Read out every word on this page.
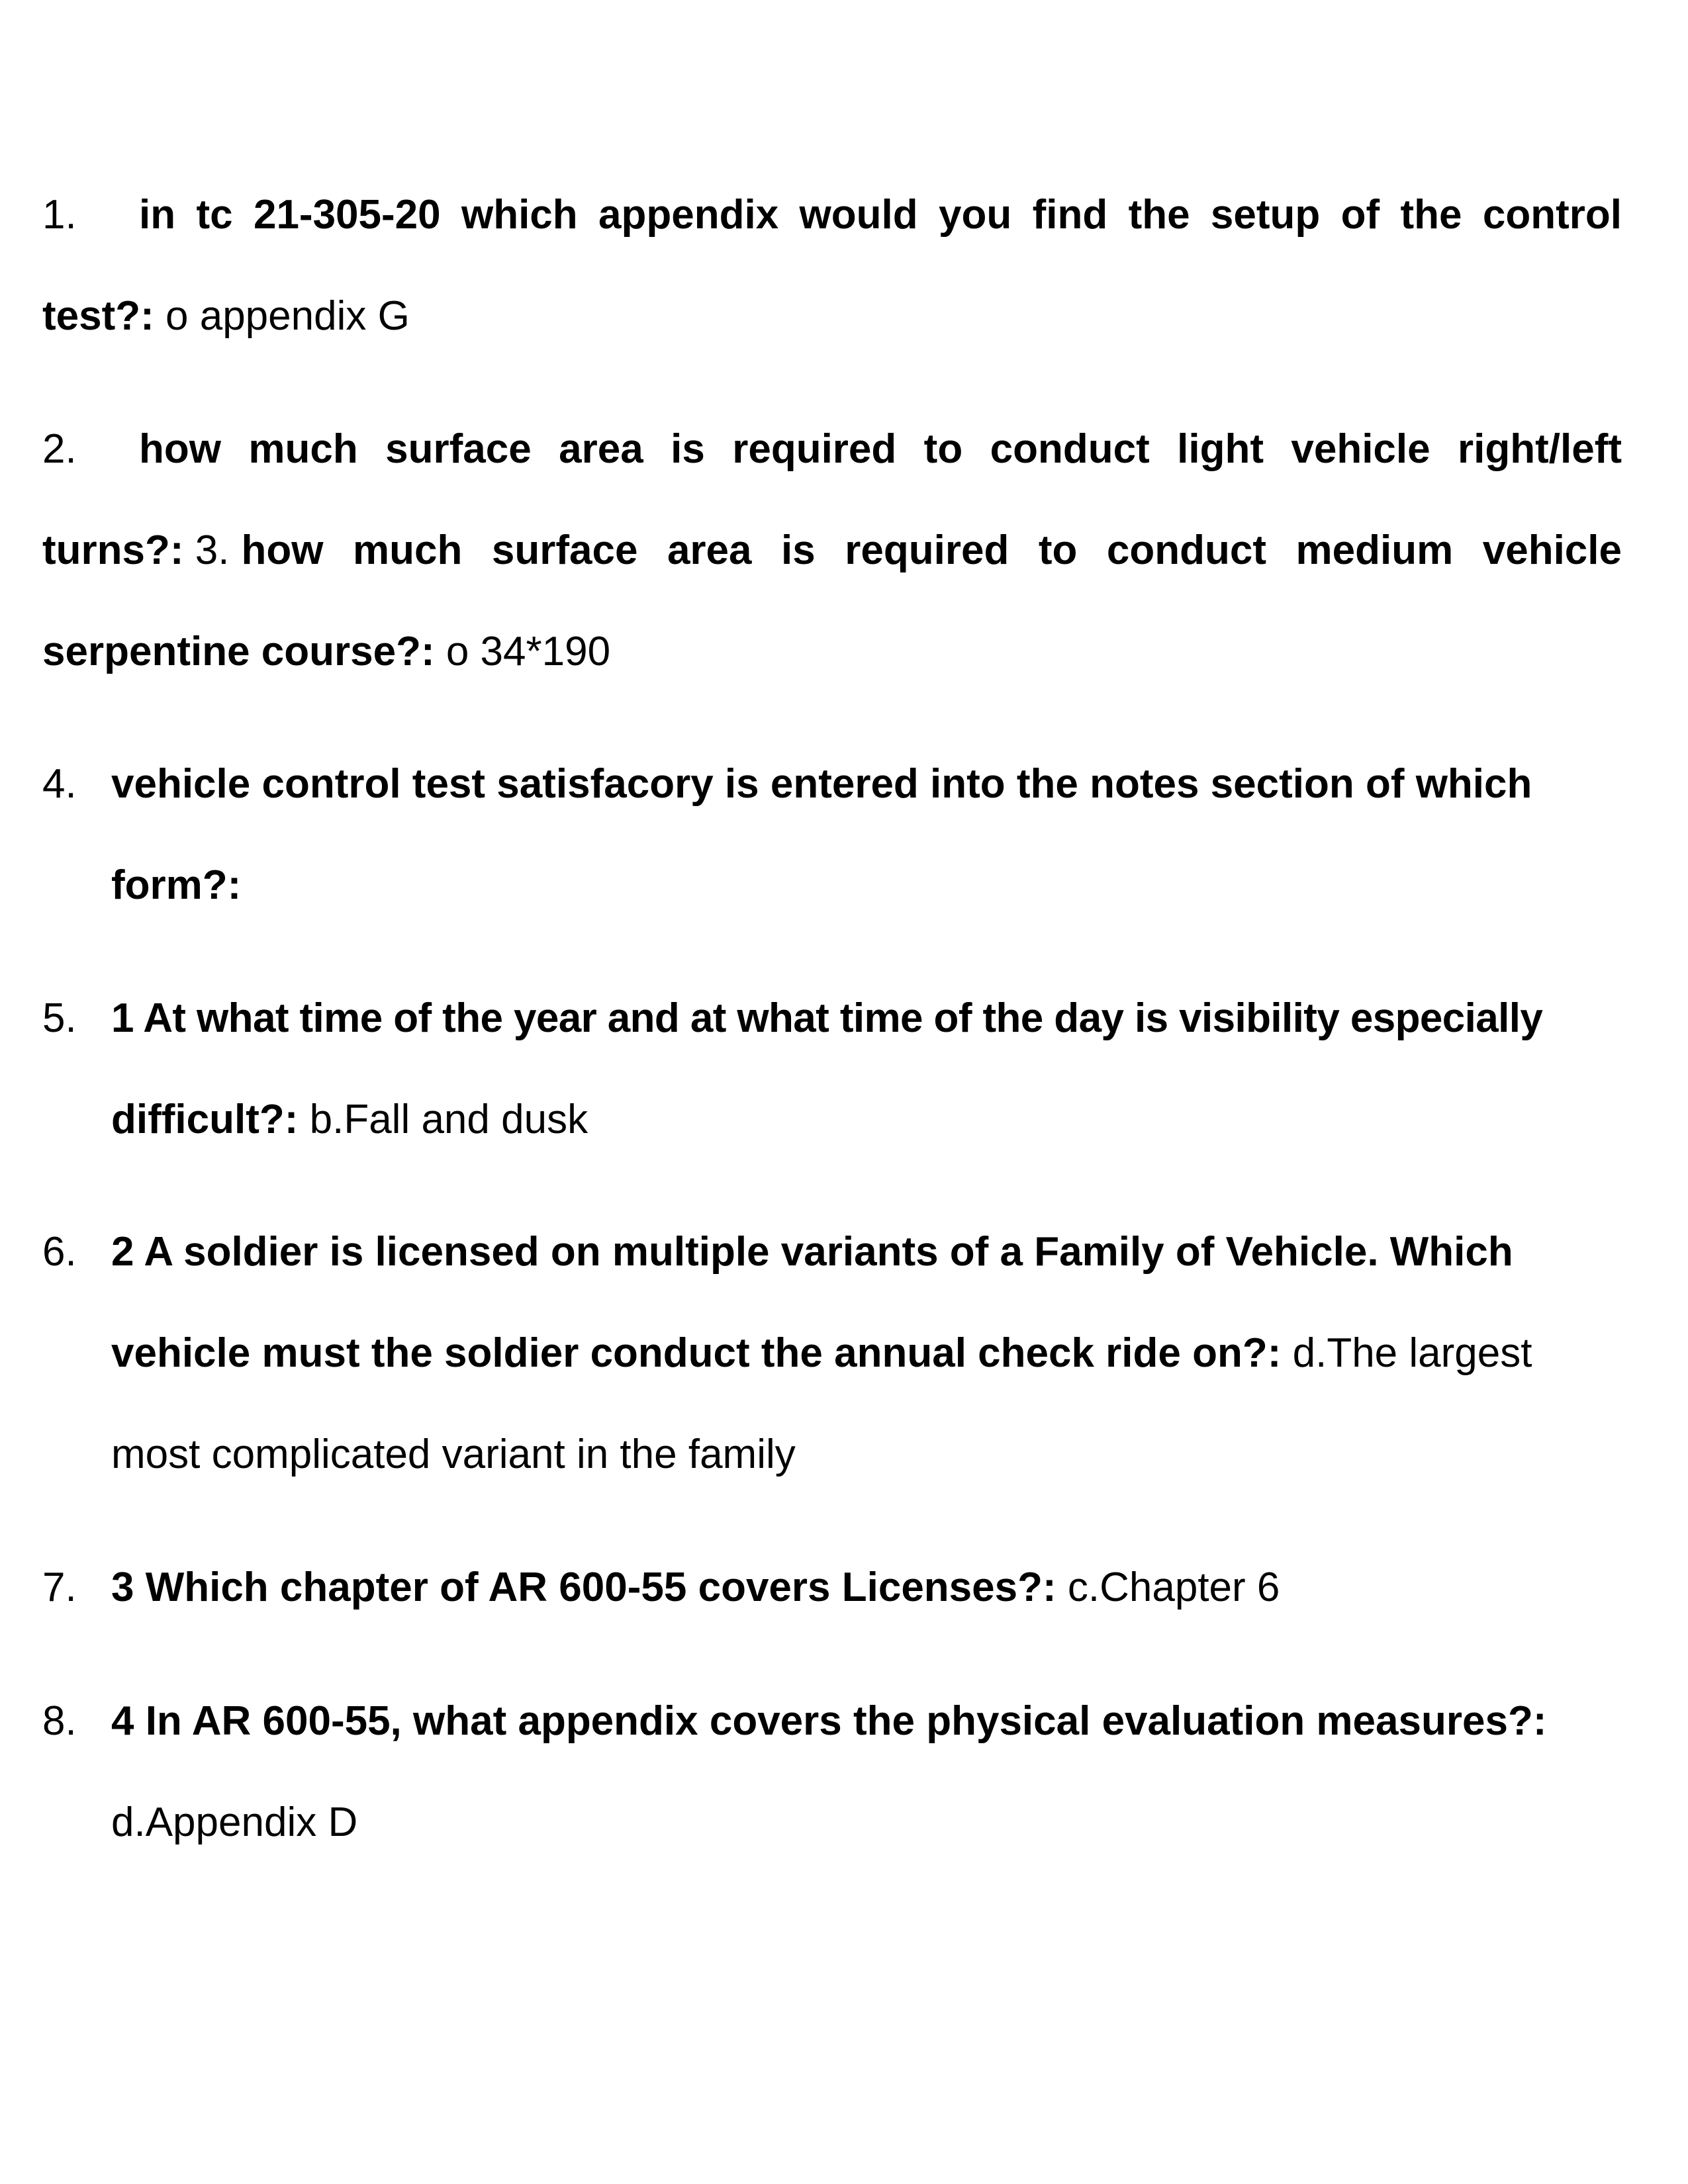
1. in tc 21-305-20 which appendix would you find the setup of the control
test?: o appendix G
2. how much surface area is required to conduct light vehicle right/left
turns?: 3. how much surface area is required to conduct medium vehicle
serpentine course?: o 34*190
4. vehicle control test satisfacory is entered into the notes section of which
form?:
5. 1 At what time of the year and at what time of the day is visibility especially
difficult?: b.Fall and dusk
6. 2 A soldier is licensed on multiple variants of a Family of Vehicle. Which
vehicle must the soldier conduct the annual check ride on?: d.The largest
most complicated variant in the family
7. 3 Which chapter of AR 600-55 covers Licenses?: c.Chapter 6
8. 4 In AR 600-55, what appendix covers the physical evaluation measures?:
d.Appendix D
